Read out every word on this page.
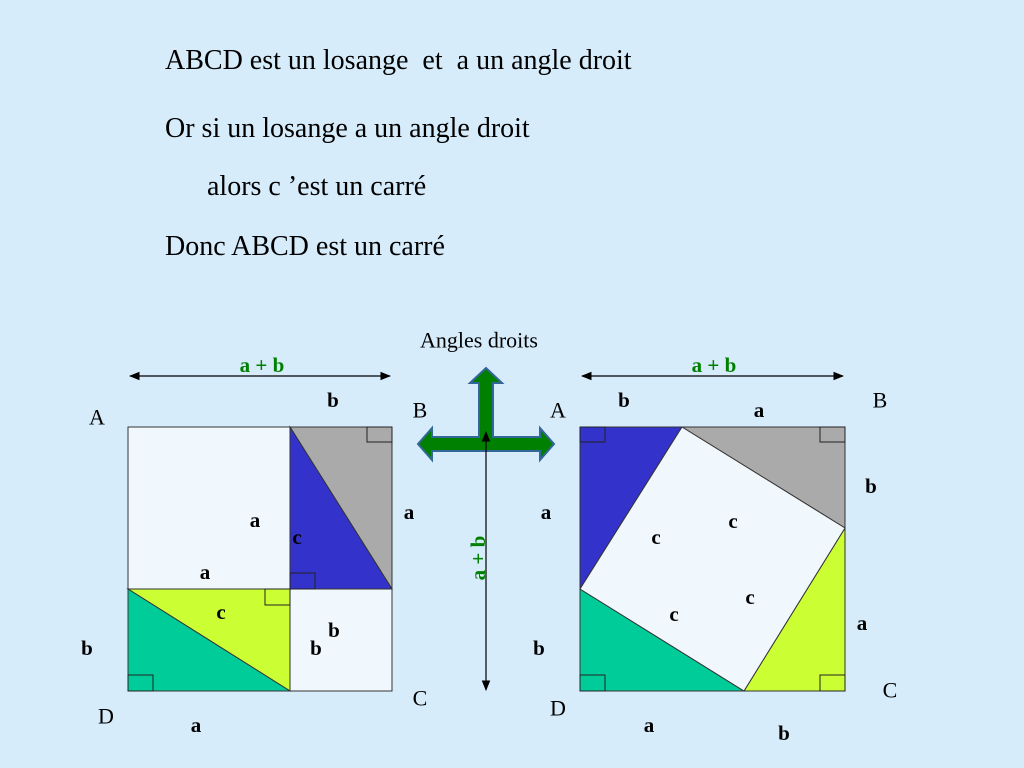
ABCD est un losange  et  a un angle droit
Or si un losange a un angle droit
alors c ’est un carré
Donc ABCD est un carré
a + b
A	B
C
D
b
a
a
c
a
c
b
b
b
a
Angles droits
a + b
a + b
A	B
C
D
b	a
b
a	c
c
c
c	a
b
a	b
